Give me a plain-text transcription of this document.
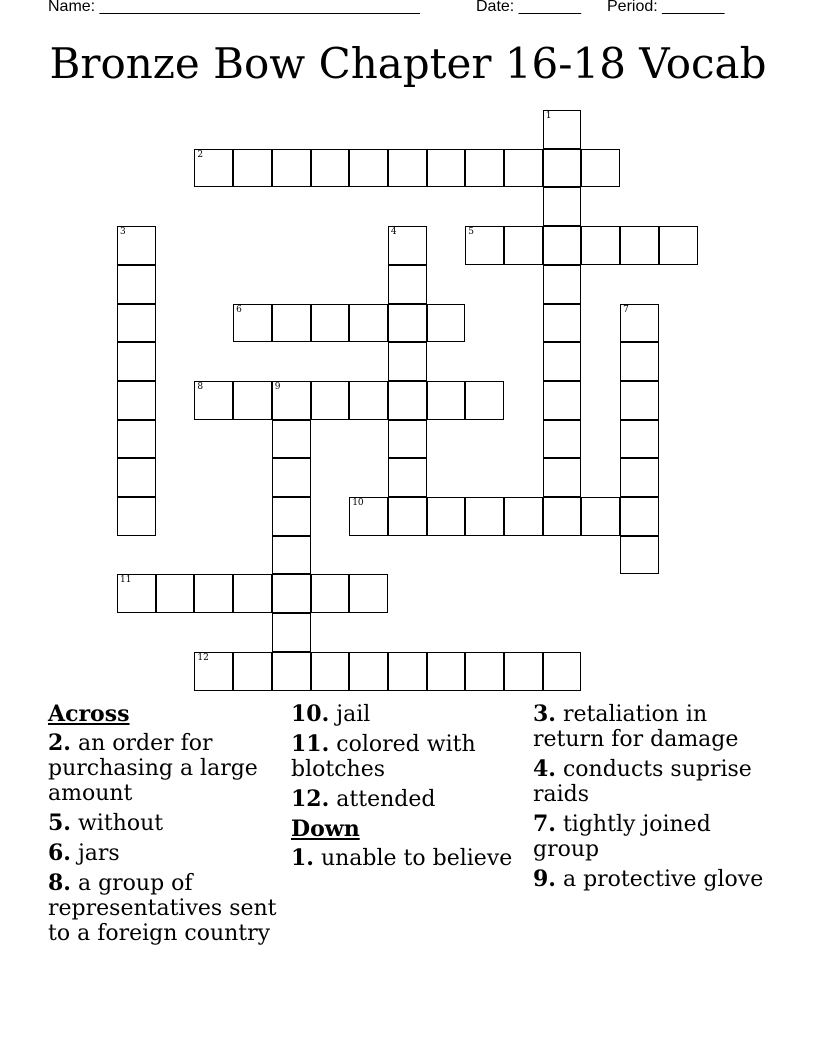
Name: ____________________________________	Date: _______ Period: _______
Bronze Bow Chapter 16-18 Vocab
1
2
3	4	5
6	7
8	9
10
11
12
Across
2. an order for purchasing a large amount
5. without
6. jars
8. a group of representatives sent to a foreign country
10. jail
11. colored with blotches
12. attended
Down
1. unable to believe
3. retaliation in return for damage
4. conducts suprise raids
7. tightly joined group
9. a protective glove
